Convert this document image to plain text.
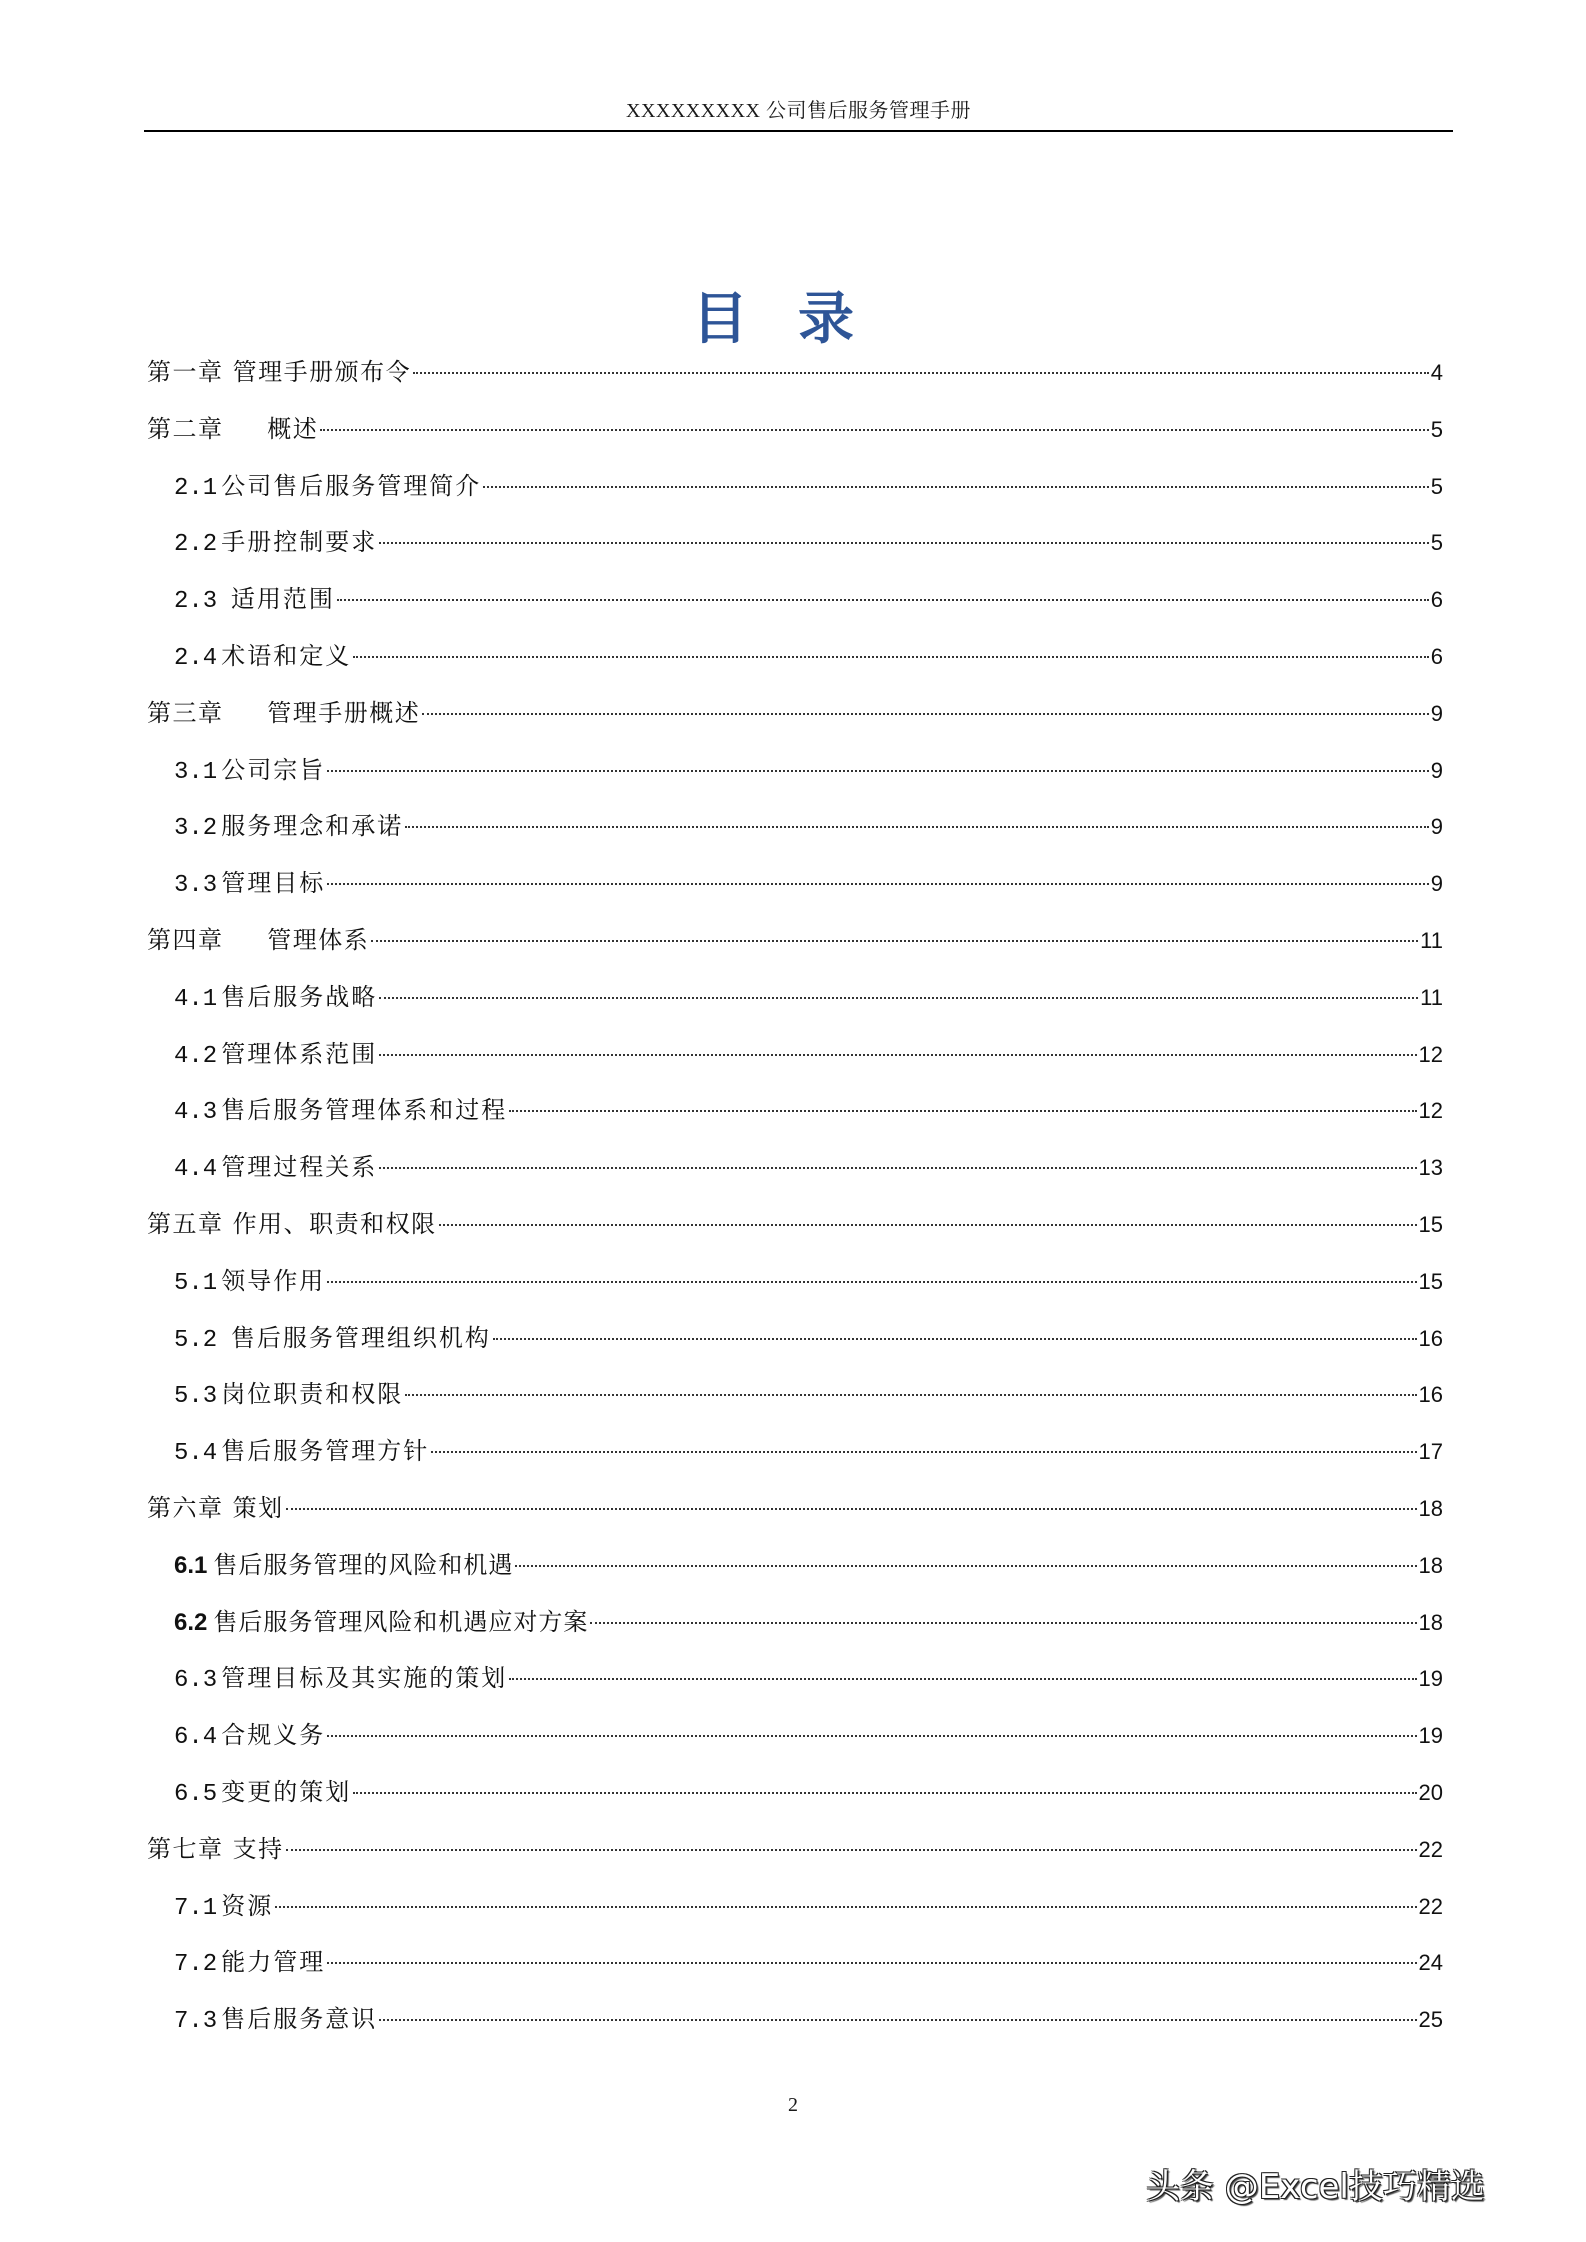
XXXXXXXXX 公司售后服务管理手册
目录
第一章 管理手册颁布令	4
第二章 　 概述	5
2.1 公司售后服务管理简介	5
2.2 手册控制要求	5
2.3 适用范围	6
2.4 术语和定义	6
第三章 　 管理手册概述	9
3.1 公司宗旨	9
3.2 服务理念和承诺	9
3.3 管理目标	9
第四章 　 管理体系	11
4.1 售后服务战略	11
4.2 管理体系范围	12
4.3 售后服务管理体系和过程	12
4.4 管理过程关系	13
第五章 作用、职责和权限	15
5.1 领导作用	15
5.2 售后服务管理组织机构	16
5.3 岗位职责和权限	16
5.4 售后服务管理方针	17
第六章 策划	18
6.1 售后服务管理的风险和机遇	18
6.2 售后服务管理风险和机遇应对方案	18
6.3 管理目标及其实施的策划	19
6.4 合规义务	19
6.5 变更的策划	20
第七章 支持	22
7.1 资源	22
7.2 能力管理	24
7.3 售后服务意识	25
2
头条 @Excel技巧精选
